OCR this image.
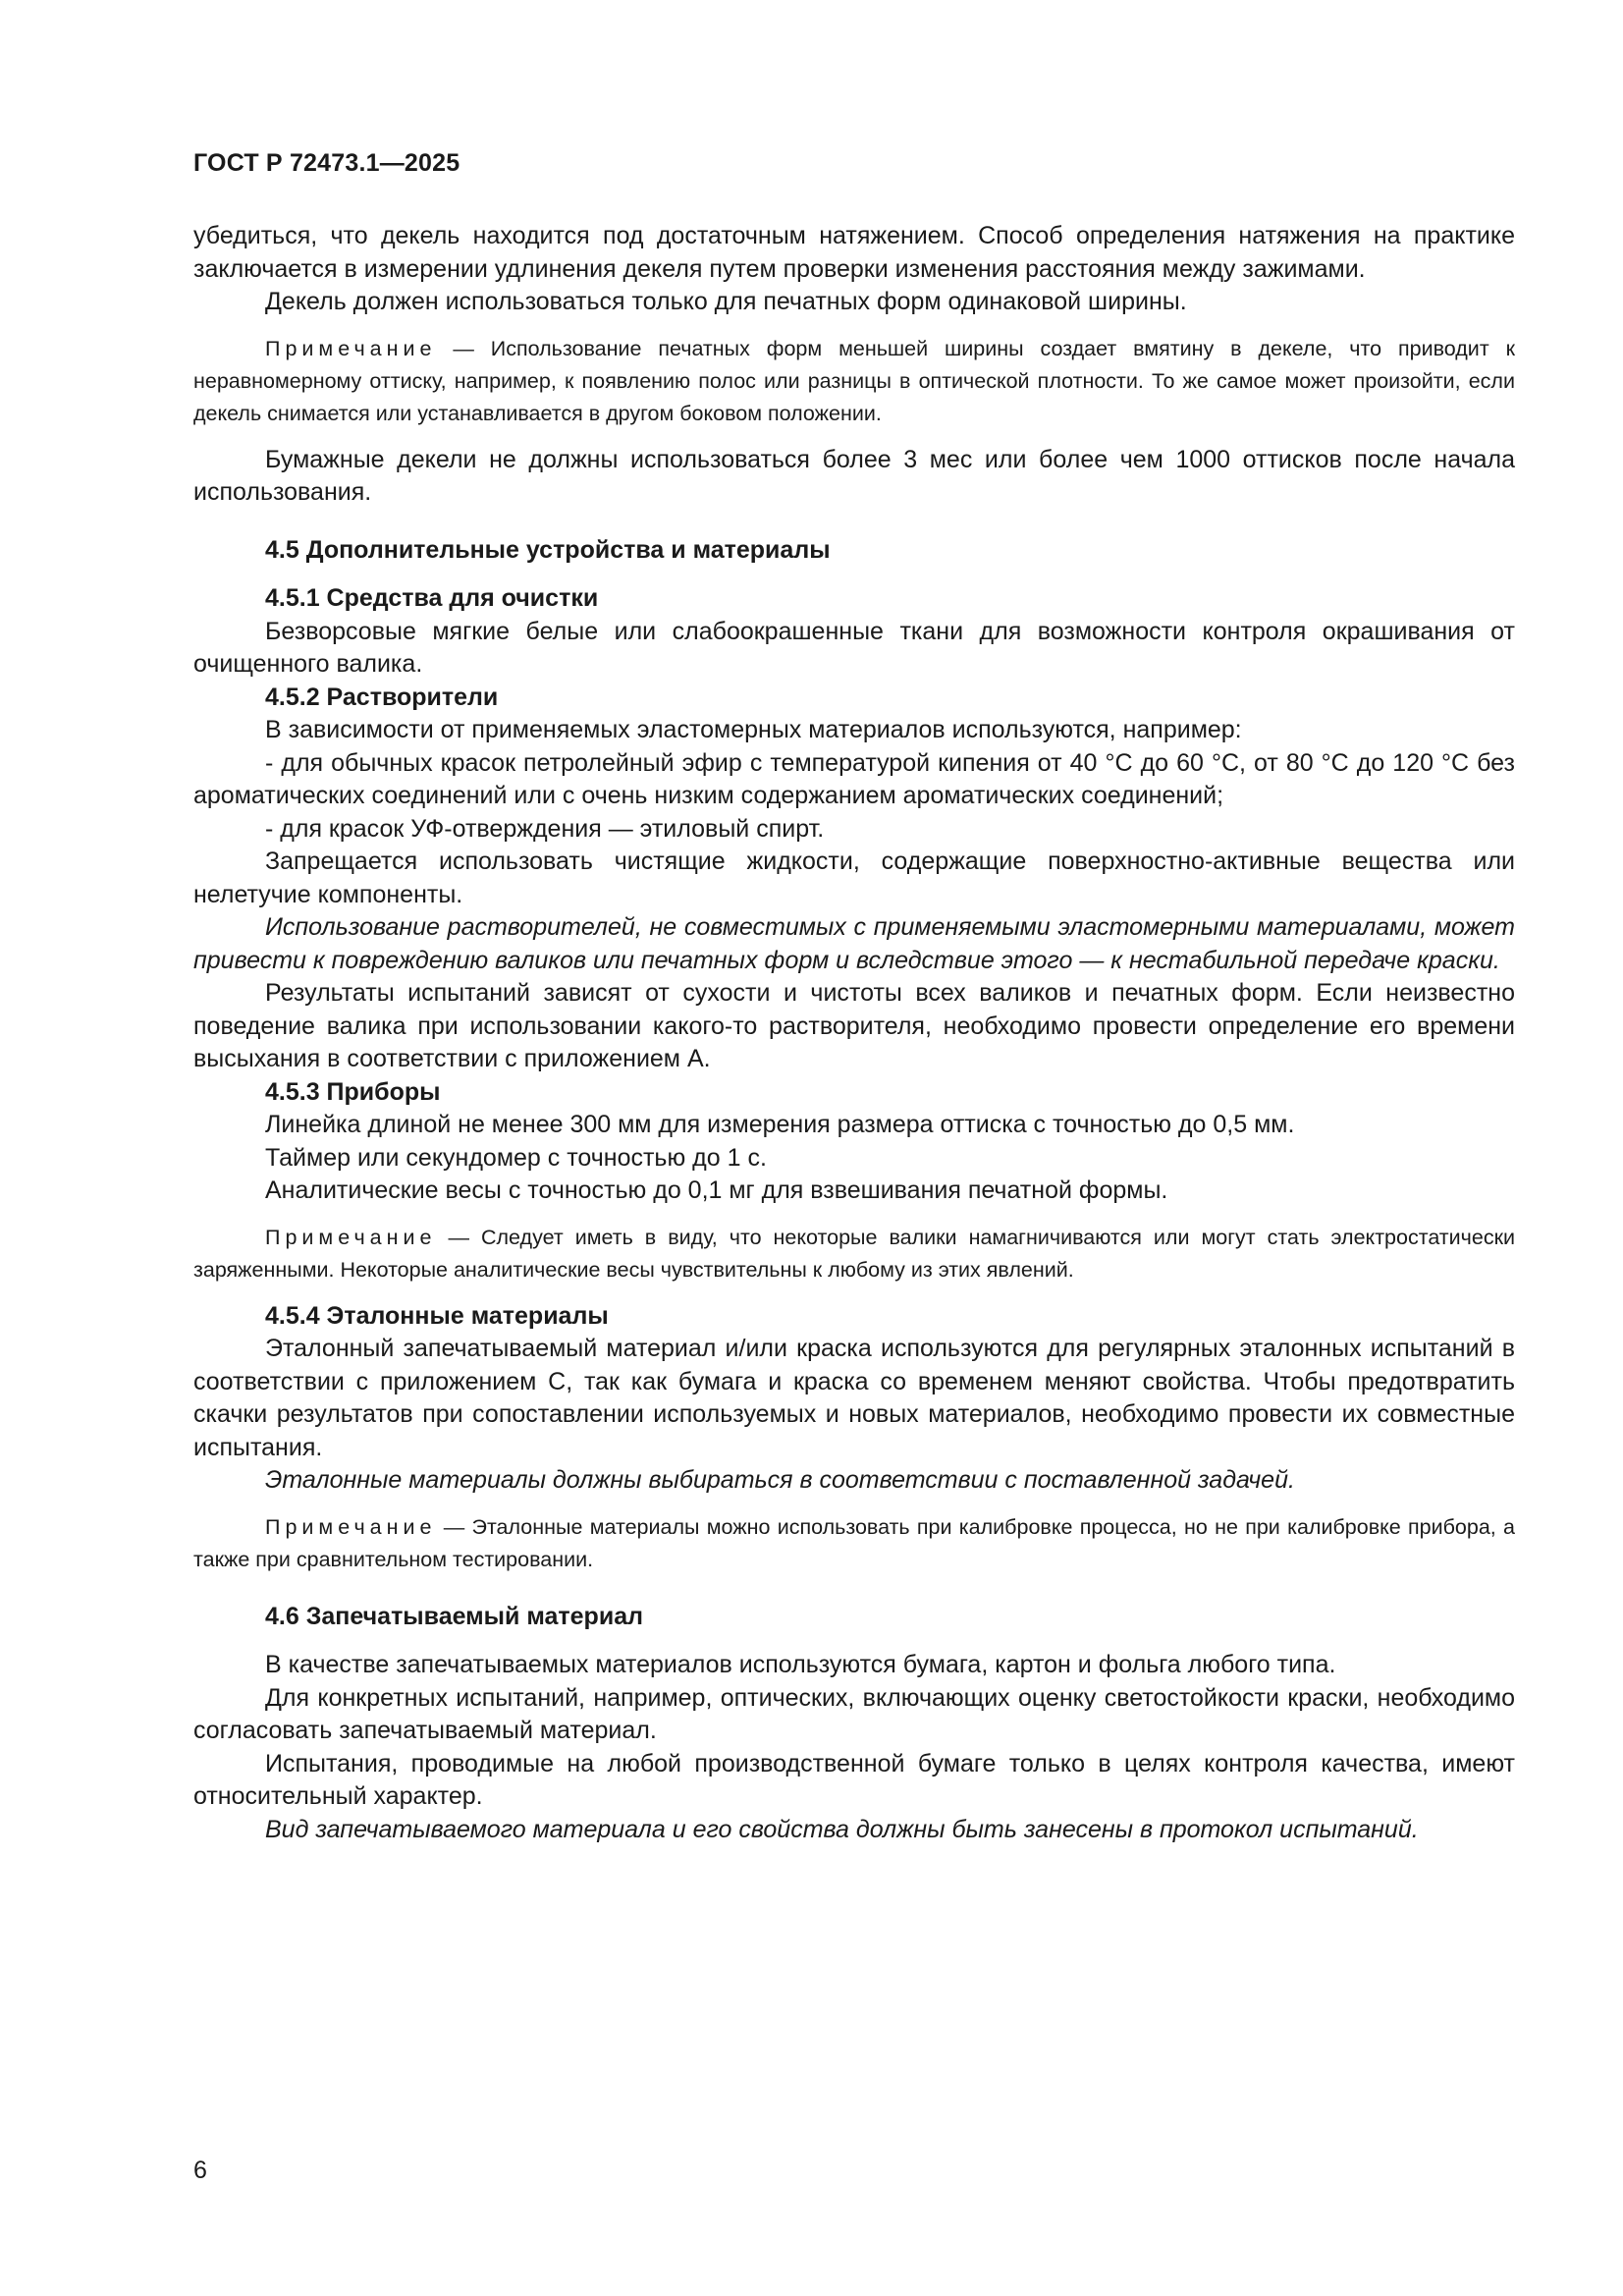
ГОСТ Р 72473.1—2025

убедиться, что декель находится под достаточным натяжением. Способ определения натяжения на практике заключается в измерении удлинения декеля путем проверки изменения расстояния между зажимами.

Декель должен использоваться только для печатных форм одинаковой ширины.

Примечание — Использование печатных форм меньшей ширины создает вмятину в декеле, что приводит к неравномерному оттиску, например, к появлению полос или разницы в оптической плотности. То же самое может произойти, если декель снимается или устанавливается в другом боковом положении.

Бумажные декели не должны использоваться более 3 мес или более чем 1000 оттисков после начала использования.

4.5 Дополнительные устройства и материалы

4.5.1 Средства для очистки

Безворсовые мягкие белые или слабоокрашенные ткани для возможности контроля окрашивания от очищенного валика.

4.5.2 Растворители

В зависимости от применяемых эластомерных материалов используются, например:

- для обычных красок петролейный эфир с температурой кипения от 40 °C до 60 °C, от 80 °C до 120 °C без ароматических соединений или с очень низким содержанием ароматических соединений;

- для красок УФ-отверждения — этиловый спирт.

Запрещается использовать чистящие жидкости, содержащие поверхностно-активные вещества или нелетучие компоненты.

Использование растворителей, не совместимых с применяемыми эластомерными материалами, может привести к повреждению валиков или печатных форм и вследствие этого — к нестабильной передаче краски.

Результаты испытаний зависят от сухости и чистоты всех валиков и печатных форм. Если неизвестно поведение валика при использовании какого-то растворителя, необходимо провести определение его времени высыхания в соответствии с приложением А.

4.5.3 Приборы

Линейка длиной не менее 300 мм для измерения размера оттиска с точностью до 0,5 мм.

Таймер или секундомер с точностью до 1 с.

Аналитические весы с точностью до 0,1 мг для взвешивания печатной формы.

Примечание — Следует иметь в виду, что некоторые валики намагничиваются или могут стать электростатически заряженными. Некоторые аналитические весы чувствительны к любому из этих явлений.

4.5.4 Эталонные материалы

Эталонный запечатываемый материал и/или краска используются для регулярных эталонных испытаний в соответствии с приложением С, так как бумага и краска со временем меняют свойства. Чтобы предотвратить скачки результатов при сопоставлении используемых и новых материалов, необходимо провести их совместные испытания.

Эталонные материалы должны выбираться в соответствии с поставленной задачей.

Примечание — Эталонные материалы можно использовать при калибровке процесса, но не при калибровке прибора, а также при сравнительном тестировании.

4.6 Запечатываемый материал

В качестве запечатываемых материалов используются бумага, картон и фольга любого типа.

Для конкретных испытаний, например, оптических, включающих оценку светостойкости краски, необходимо согласовать запечатываемый материал.

Испытания, проводимые на любой производственной бумаге только в целях контроля качества, имеют относительный характер.

Вид запечатываемого материала и его свойства должны быть занесены в протокол испытаний.

6
